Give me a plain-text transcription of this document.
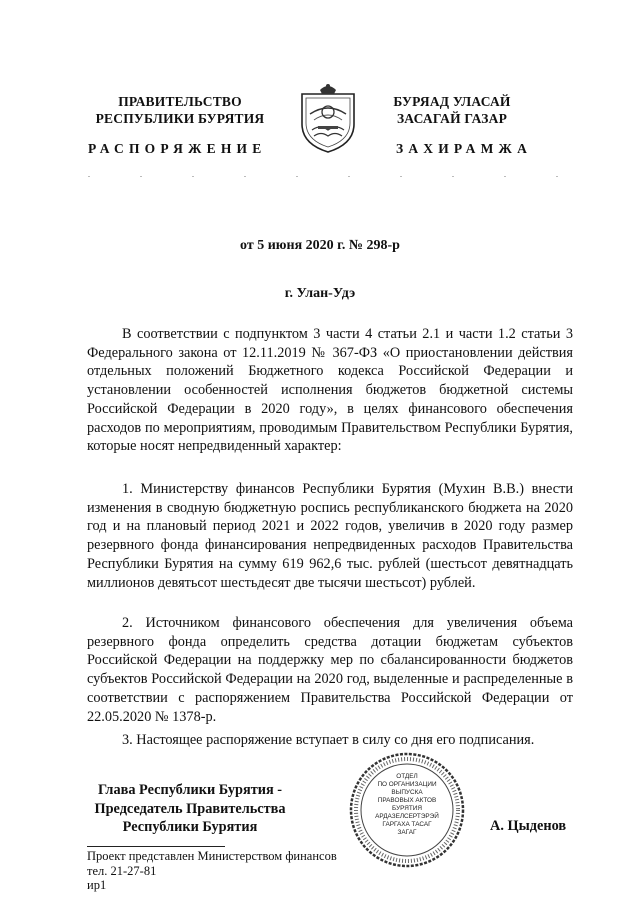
ПРАВИТЕЛЬСТВО
РЕСПУБЛИКИ БУРЯТИЯ
РАСПОРЯЖЕНИЕ
БУРЯАД УЛАСАЙ
ЗАСАГАЙ ГАЗАР
ЗАХИРАМЖА
от 5 июня 2020 г. № 298-р
г. Улан-Удэ
В соответствии с подпунктом 3 части 4 статьи 2.1 и части 1.2 статьи 3 Федерального закона от 12.11.2019 № 367-ФЗ «О приостановлении действия отдельных положений Бюджетного кодекса Российской Федерации и установлении особенностей исполнения бюджетов бюджетной системы Российской Федерации в 2020 году», в целях финансового обеспечения расходов по мероприятиям, проводимым Правительством Республики Бурятия, которые носят непредвиденный характер:
1. Министерству финансов Республики Бурятия (Мухин В.В.) внести изменения в сводную бюджетную роспись республиканского бюджета на 2020 год и на плановый период 2021 и 2022 годов, увеличив в 2020 году размер резервного фонда финансирования непредвиденных расходов Правительства Республики Бурятия на сумму 619 962,6 тыс. рублей (шестьсот девятнадцать миллионов девятьсот шестьдесят две тысячи шестьсот) рублей.
2. Источником финансового обеспечения для увеличения объема резервного фонда определить средства дотации бюджетам субъектов Российской Федерации на поддержку мер по сбалансированности бюджетов субъектов Российской Федерации на 2020 год, выделенные и распределенные в соответствии с распоряжением Правительства Российской Федерации от 22.05.2020 № 1378-р.
3. Настоящее распоряжение вступает в силу со дня его подписания.
Глава Республики Бурятия -
Председатель Правительства
Республики Бурятия
ОТДЕЛ
ПО ОРГАНИЗАЦИИ
ВЫПУСКА
ПРАВОВЫХ АКТОВ
БУРЯТИЯ
АРДАЗЕЛСЕРТЭРЭЙ
ГАРГАХА ТАСАГ
ЗАГАГ	А. Цыденов
Проект представлен Министерством финансов
тел. 21-27-81
ир1
